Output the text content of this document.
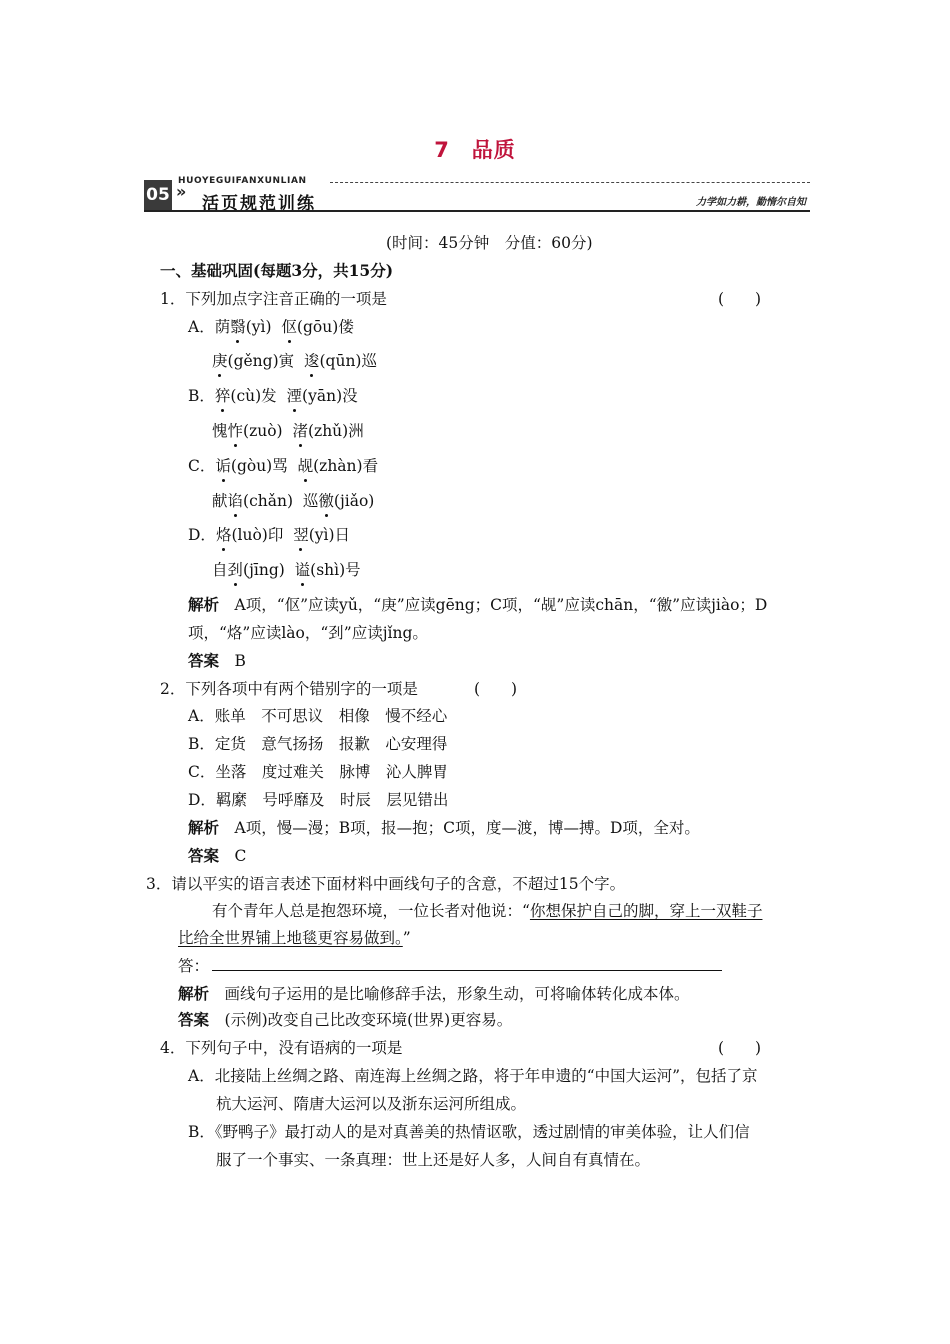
7　品质
05 »
HUOYEGUIFANXUNLIAN
活页规范训练	力学如力耕，勤惰尔自知
(时间：45分钟　分值：60分)
一、基础巩固(每题3分，共15分)
1．下列加点字注音正确的一项是	(　　)
A．荫翳(yì) 伛(gōu)偻
庚(gěng)寅 逡(qūn)巡
B．猝(cù)发 湮(yān)没
愧怍(zuò) 渚(zhǔ)洲
C．诟(gòu)骂 觇(zhàn)看
献谄(chǎn) 巡徼(jiǎo)
D．烙(luò)印 翌(yì)日
自刭(jīng) 谥(shì)号
解析　A项，“伛”应读yǔ，“庚”应读gēng；C项，“觇”应读chān，“徼”应读jiào；D
项，“烙”应读lào，“刭”应读jǐng。
答案　B
2．下列各项中有两个错别字的一项是	(　　)
A．账单　不可思议　相像　慢不经心
B．定货　意气扬扬　报歉　心安理得
C．坐落　度过难关　脉博　沁人脾胃
D．羁縻　号呼靡及　时辰　层见错出
解析　A项，慢—漫；B项，报—抱；C项，度—渡，博—搏。D项，全对。
答案　C
3．请以平实的语言表述下面材料中画线句子的含意，不超过15个字。
有个青年人总是抱怨环境，一位长者对他说：“你想保护自己的脚，穿上一双鞋子
比给全世界铺上地毯更容易做到。”
答：
解析　画线句子运用的是比喻修辞手法，形象生动，可将喻体转化成本体。
答案　(示例)改变自己比改变环境(世界)更容易。
4．下列句子中，没有语病的一项是	(　　)
A．北接陆上丝绸之路、南连海上丝绸之路，将于年申遗的“中国大运河”，包括了京
杭大运河、隋唐大运河以及浙东运河所组成。
B．《野鸭子》最打动人的是对真善美的热情讴歌，透过剧情的审美体验，让人们信
服了一个事实、一条真理：世上还是好人多，人间自有真情在。
